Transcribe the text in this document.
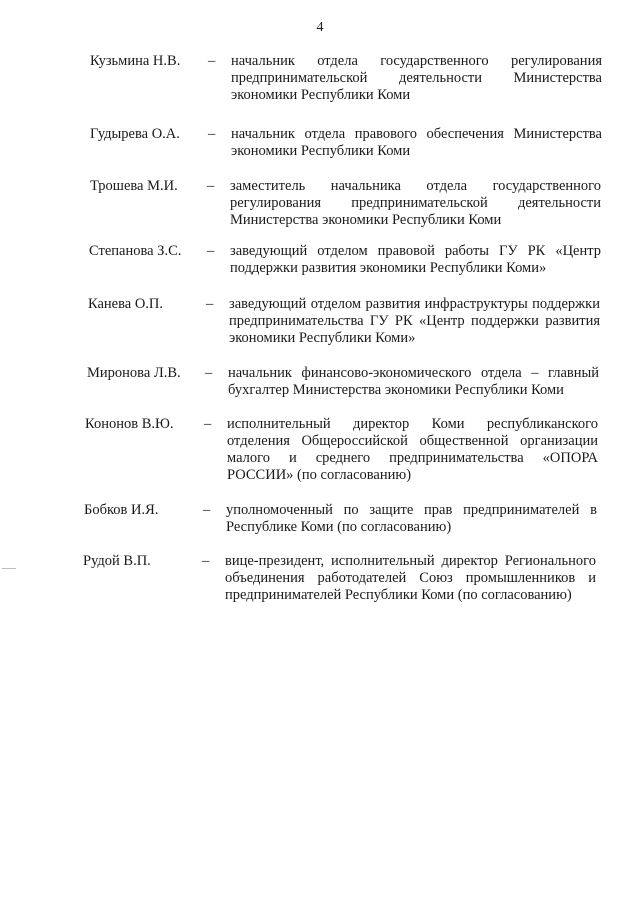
4
Кузьмина Н.В. – начальник отдела государственного регулирования предпринимательской деятельности Министерства экономики Республики Коми
Гудырева О.А. – начальник отдела правового обеспечения Министерства экономики Республики Коми
Трошева М.И. – заместитель начальника отдела государственного регулирования предпринимательской деятельности Министерства экономики Республики Коми
Степанова З.С. – заведующий отделом правовой работы ГУ РК «Центр поддержки развития экономики Республики Коми»
Канева О.П.	– заведующий отделом развития инфраструктуры поддержки предпринимательства ГУ РК «Центр поддержки развития экономики Республики Коми»
Миронова Л.В. – начальник финансово-экономического отдела – главный бухгалтер Министерства экономики Республики Коми
Кононов В.Ю. – исполнительный директор Коми республиканского отделения Общероссийской общественной организации малого и среднего предпринимательства «ОПОРА РОССИИ» (по согласованию)
Бобков И.Я.	– уполномоченный по защите прав предпринимателей в Республике Коми (по согласованию)
Рудой В.П.	– вице-президент, исполнительный директор Регионального объединения работодателей Союз промышленников и предпринимателей Республики Коми (по согласованию)
